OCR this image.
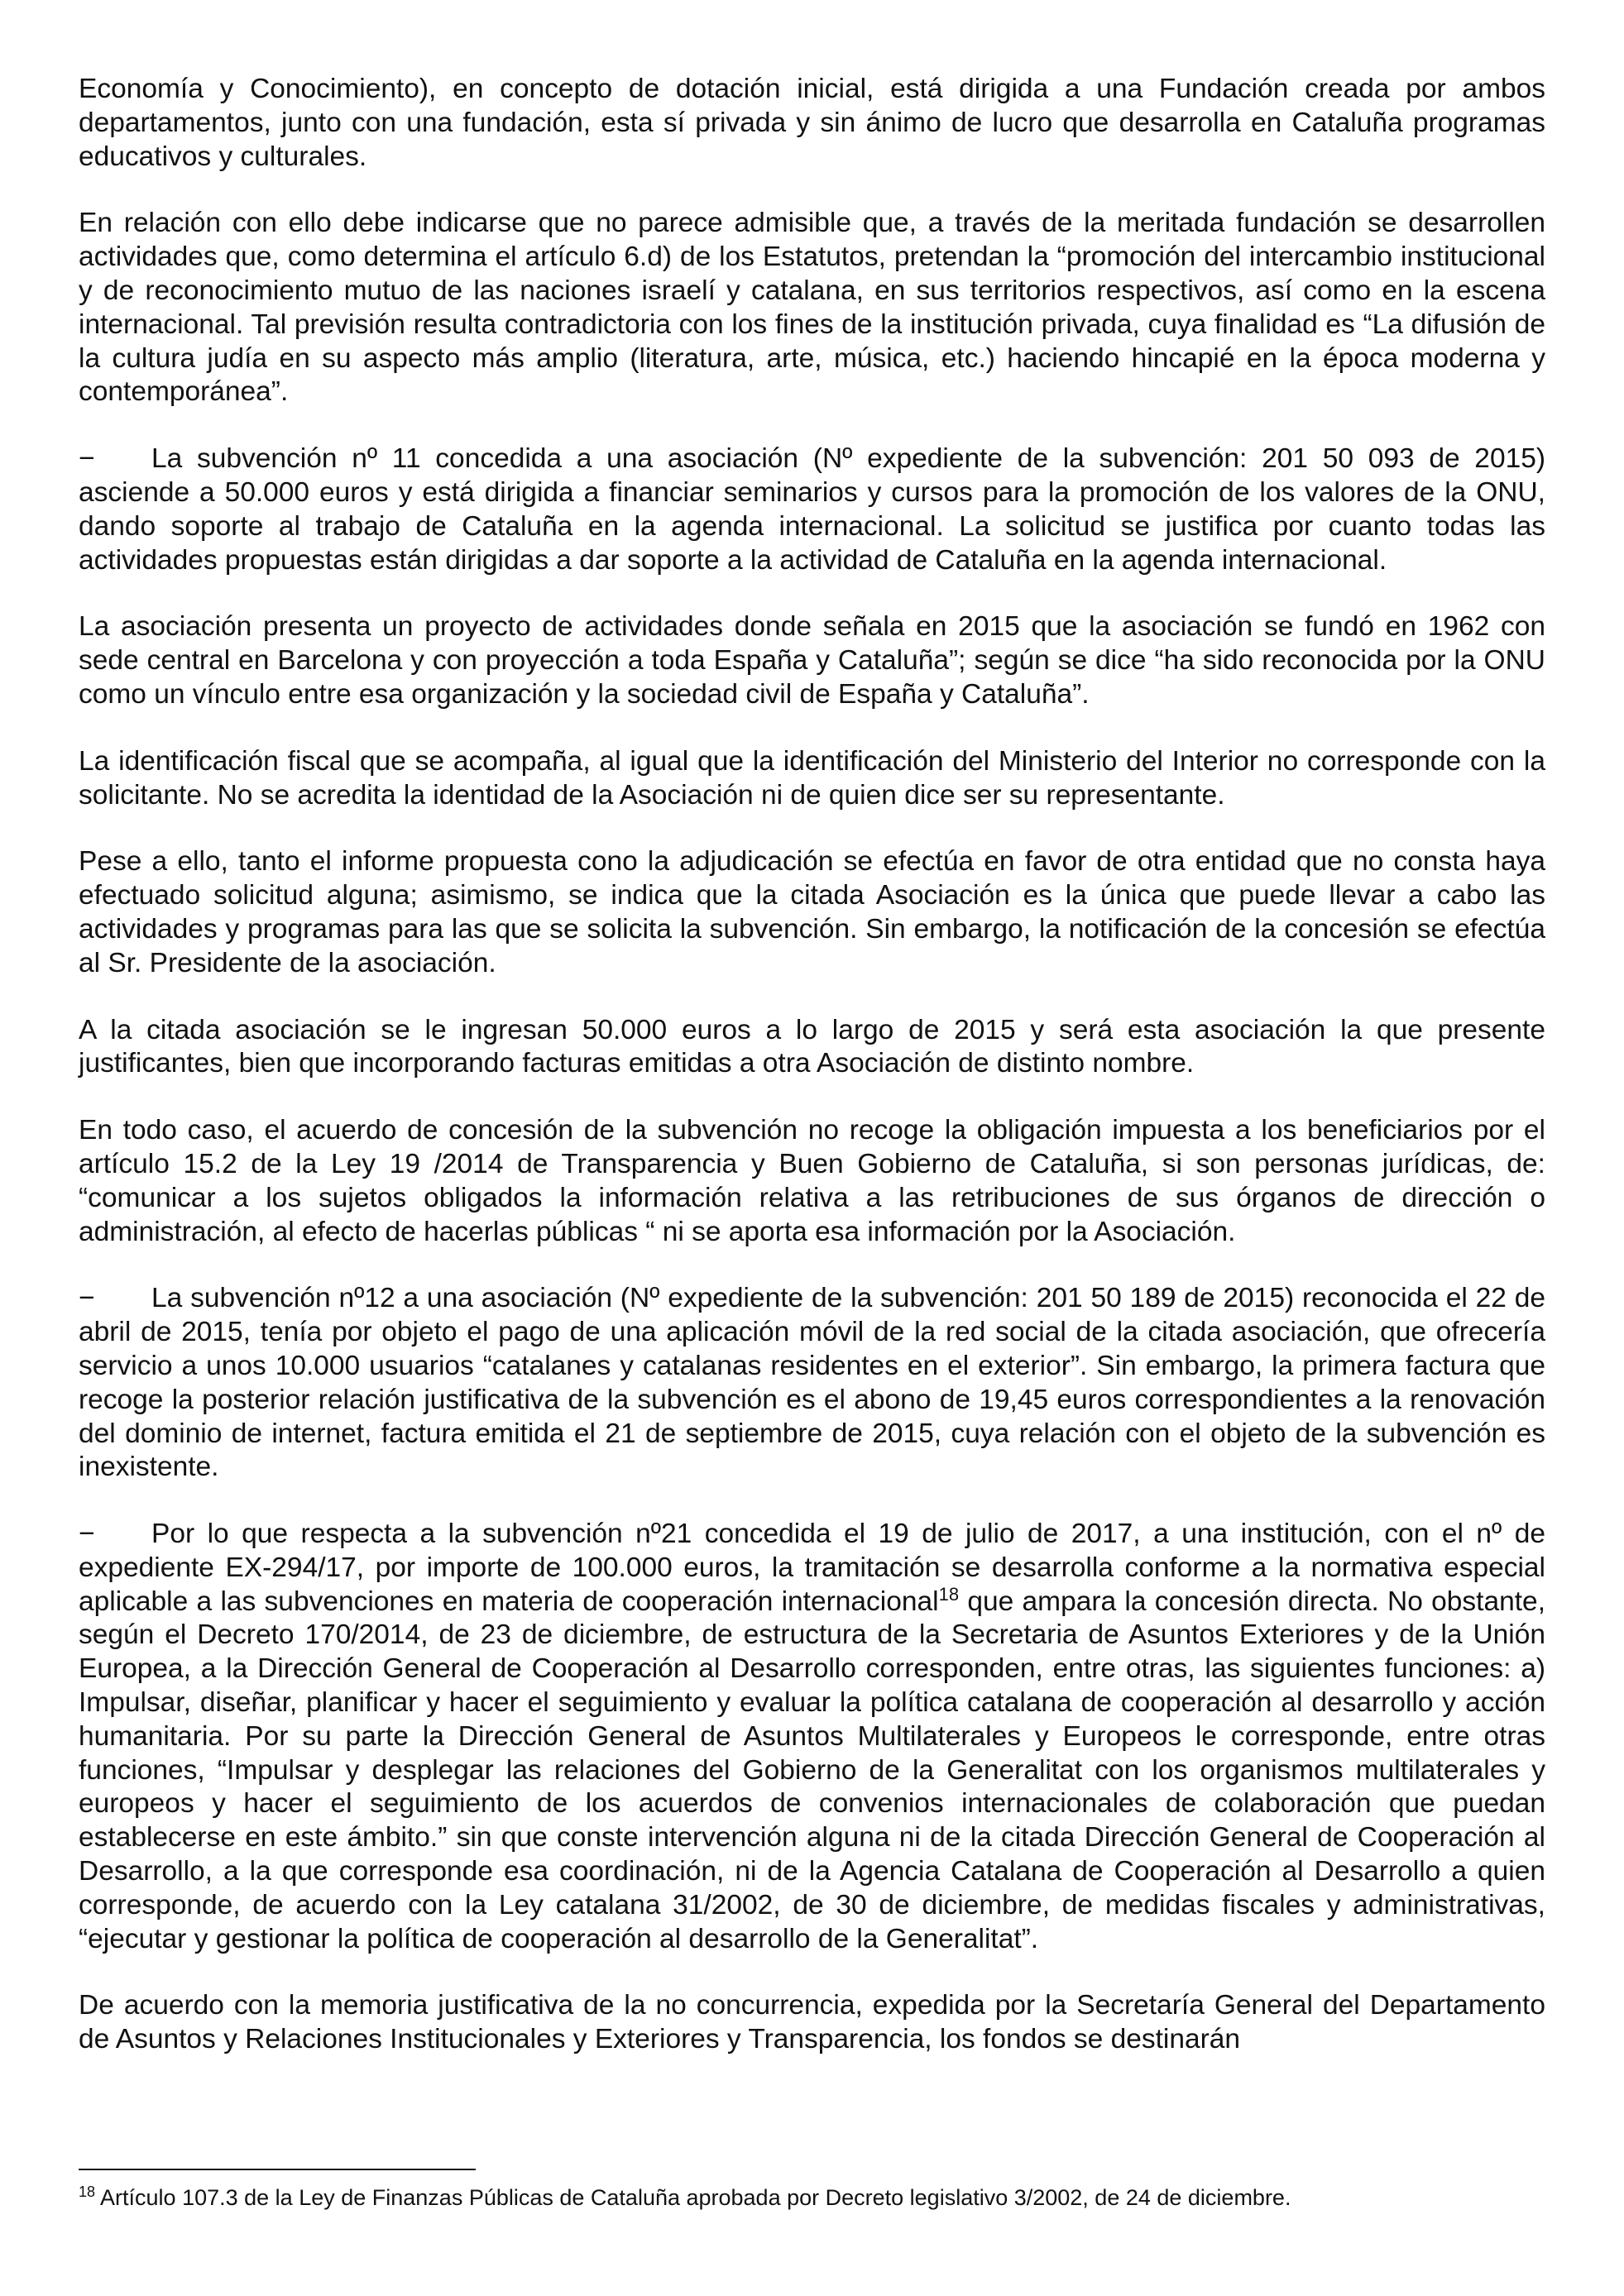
Economía y Conocimiento), en concepto de dotación inicial, está dirigida a una Fundación creada por ambos departamentos, junto con una fundación, esta sí privada y sin ánimo de lucro que desarrolla en Cataluña programas educativos y culturales.

En relación con ello debe indicarse que no parece admisible que, a través de la meritada fundación se desarrollen actividades que, como determina el artículo 6.d) de los Estatutos, pretendan la “promoción del intercambio institucional y de reconocimiento mutuo de las naciones israelí y catalana, en sus territorios respectivos, así como en la escena internacional. Tal previsión resulta contradictoria con los fines de la institución privada, cuya finalidad es “La difusión de la cultura judía en su aspecto más amplio (literatura, arte, música, etc.) haciendo hincapié en la época moderna y contemporánea”.

− La subvención nº 11 concedida a una asociación (Nº expediente de la subvención: 201 50 093 de 2015) asciende a 50.000 euros y está dirigida a financiar seminarios y cursos para la promoción de los valores de la ONU, dando soporte al trabajo de Cataluña en la agenda internacional. La solicitud se justifica por cuanto todas las actividades propuestas están dirigidas a dar soporte a la actividad de Cataluña en la agenda internacional.

La asociación presenta un proyecto de actividades donde señala en 2015 que la asociación se fundó en 1962 con sede central en Barcelona y con proyección a toda España y Cataluña”; según se dice “ha sido reconocida por la ONU como un vínculo entre esa organización y la sociedad civil de España y Cataluña”.

La identificación fiscal que se acompaña, al igual que la identificación del Ministerio del Interior no corresponde con la solicitante. No se acredita la identidad de la Asociación ni de quien dice ser su representante.

Pese a ello, tanto el informe propuesta cono la adjudicación se efectúa en favor de otra entidad que no consta haya efectuado solicitud alguna; asimismo, se indica que la citada Asociación es la única que puede llevar a cabo las actividades y programas para las que se solicita la subvención. Sin embargo, la notificación de la concesión se efectúa al Sr. Presidente de la asociación.

A la citada asociación se le ingresan 50.000 euros a lo largo de 2015 y será esta asociación la que presente justificantes, bien que incorporando facturas emitidas a otra Asociación de distinto nombre.

En todo caso, el acuerdo de concesión de la subvención no recoge la obligación impuesta a los beneficiarios por el artículo 15.2 de la Ley 19 /2014 de Transparencia y Buen Gobierno de Cataluña, si son personas jurídicas, de: “comunicar a los sujetos obligados la información relativa a las retribuciones de sus órganos de dirección o administración, al efecto de hacerlas públicas “ ni se aporta esa información por la Asociación.

− La subvención nº12 a una asociación (Nº expediente de la subvención: 201 50 189 de 2015) reconocida el 22 de abril de 2015, tenía por objeto el pago de una aplicación móvil de la red social de la citada asociación, que ofrecería servicio a unos 10.000 usuarios “catalanes y catalanas residentes en el exterior”. Sin embargo, la primera factura que recoge la posterior relación justificativa de la subvención es el abono de 19,45 euros correspondientes a la renovación del dominio de internet, factura emitida el 21 de septiembre de 2015, cuya relación con el objeto de la subvención es inexistente.

− Por lo que respecta a la subvención nº21 concedida el 19 de julio de 2017, a una institución, con el nº de expediente EX-294/17, por importe de 100.000 euros, la tramitación se desarrolla conforme a la normativa especial aplicable a las subvenciones en materia de cooperación internacional$^{18}$ que ampara la concesión directa. No obstante, según el Decreto 170/2014, de 23 de diciembre, de estructura de la Secretaria de Asuntos Exteriores y de la Unión Europea, a la Dirección General de Cooperación al Desarrollo corresponden, entre otras, las siguientes funciones: a) Impulsar, diseñar, planificar y hacer el seguimiento y evaluar la política catalana de cooperación al desarrollo y acción humanitaria. Por su parte la Dirección General de Asuntos Multilaterales y Europeos le corresponde, entre otras funciones, “Impulsar y desplegar las relaciones del Gobierno de la Generalitat con los organismos multilaterales y europeos y hacer el seguimiento de los acuerdos de convenios internacionales de colaboración que puedan establecerse en este ámbito.” sin que conste intervención alguna ni de la citada Dirección General de Cooperación al Desarrollo, a la que corresponde esa coordinación, ni de la Agencia Catalana de Cooperación al Desarrollo a quien corresponde, de acuerdo con la Ley catalana 31/2002, de 30 de diciembre, de medidas fiscales y administrativas, “ejecutar y gestionar la política de cooperación al desarrollo de la Generalitat”.

De acuerdo con la memoria justificativa de la no concurrencia, expedida por la Secretaría General del Departamento de Asuntos y Relaciones Institucionales y Exteriores y Transparencia, los fondos se destinarán

$^{18}$ Artículo 107.3 de la Ley de Finanzas Públicas de Cataluña aprobada por Decreto legislativo 3/2002, de 24 de diciembre.
